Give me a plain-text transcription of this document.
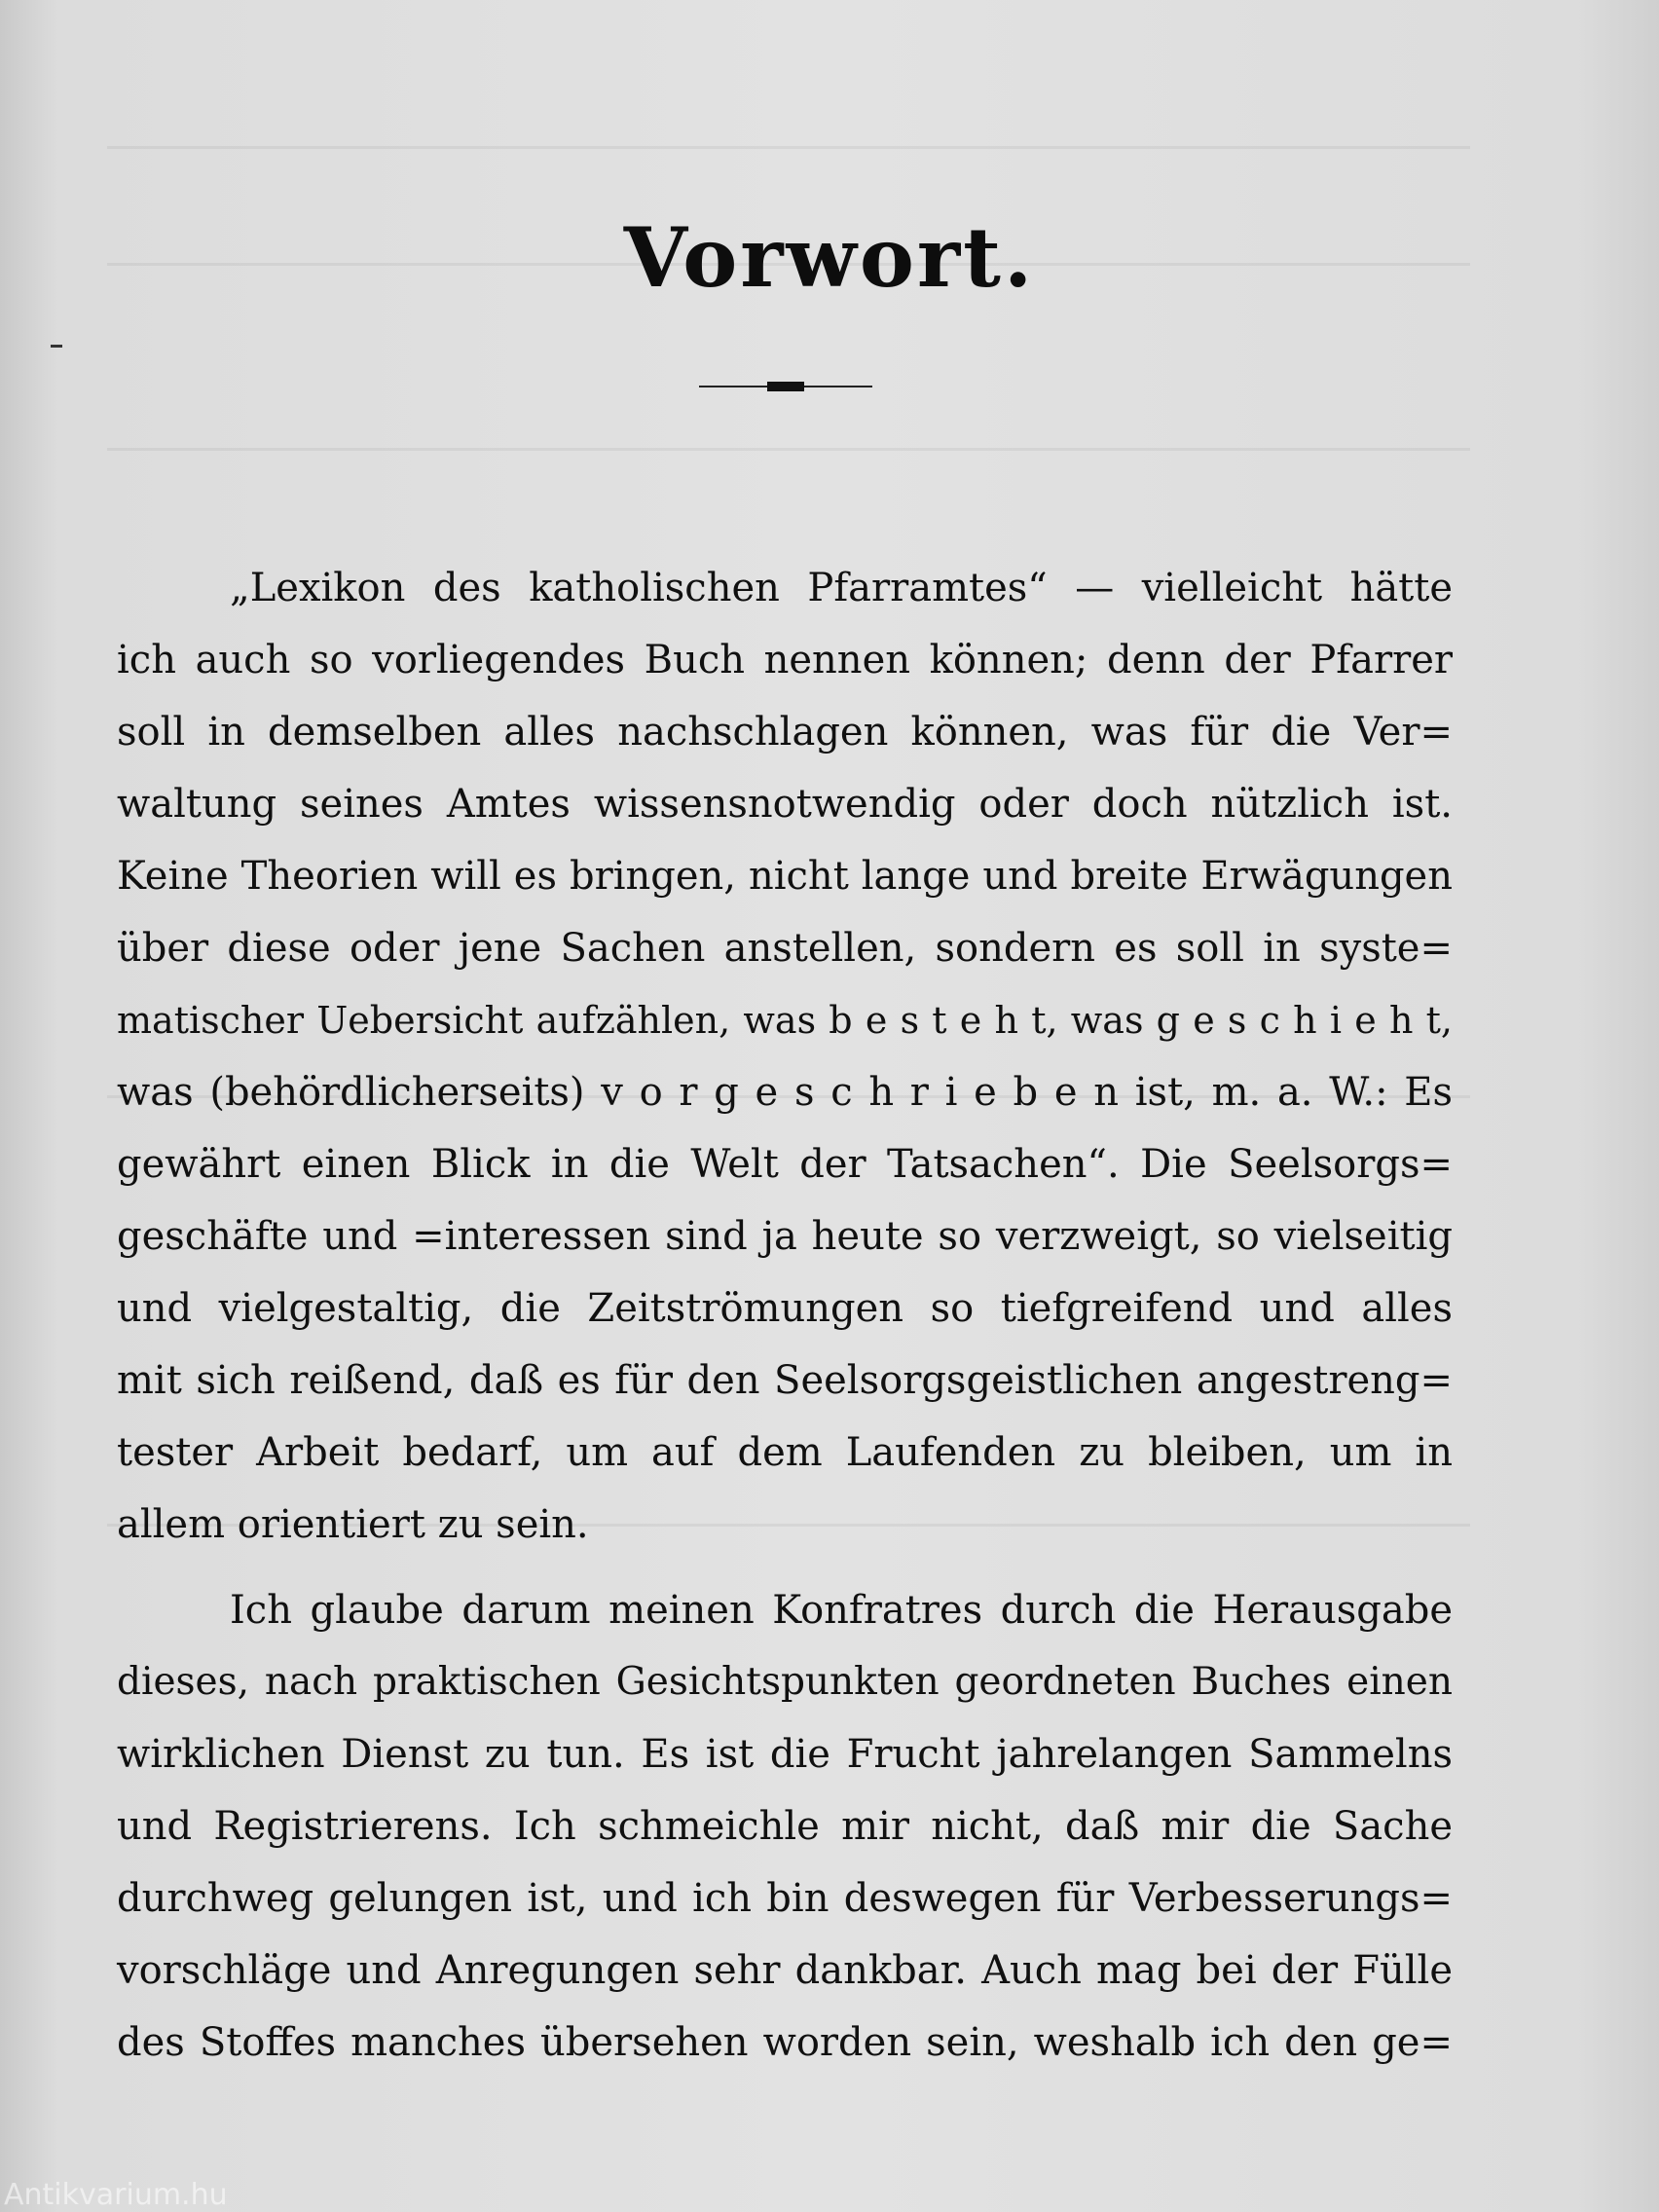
Vorwort.
„Lexikon des katholischen Pfarramtes“ — vielleicht hätte
ich auch so vorliegendes Buch nennen können; denn der Pfarrer
soll in demselben alles nachschlagen können, was für die Ver=
waltung seines Amtes wissensnotwendig oder doch nützlich ist.
Keine Theorien will es bringen, nicht lange und breite Erwägungen
über diese oder jene Sachen anstellen, sondern es soll in syste=
matischer Uebersicht aufzählen, was b e s t e h t, was g e s c h i e h t,
was (behördlicherseits) v o r g e s c h r i e b e n ist, m. a. W.: Es
gewährt einen Blick in die Welt der Tatsachen“. Die Seelsorgs=
geschäfte und =interessen sind ja heute so verzweigt, so vielseitig
und vielgestaltig, die Zeitströmungen so tiefgreifend und alles
mit sich reißend, daß es für den Seelsorgsgeistlichen angestreng=
tester Arbeit bedarf, um auf dem Laufenden zu bleiben, um in
allem orientiert zu sein.
Ich glaube darum meinen Konfratres durch die Herausgabe
dieses, nach praktischen Gesichtspunkten geordneten Buches einen
wirklichen Dienst zu tun. Es ist die Frucht jahrelangen Sammelns
und Registrierens. Ich schmeichle mir nicht, daß mir die Sache
durchweg gelungen ist, und ich bin deswegen für Verbesserungs=
vorschläge und Anregungen sehr dankbar. Auch mag bei der Fülle
des Stoffes manches übersehen worden sein, weshalb ich den ge=
Antikvarium.hu
